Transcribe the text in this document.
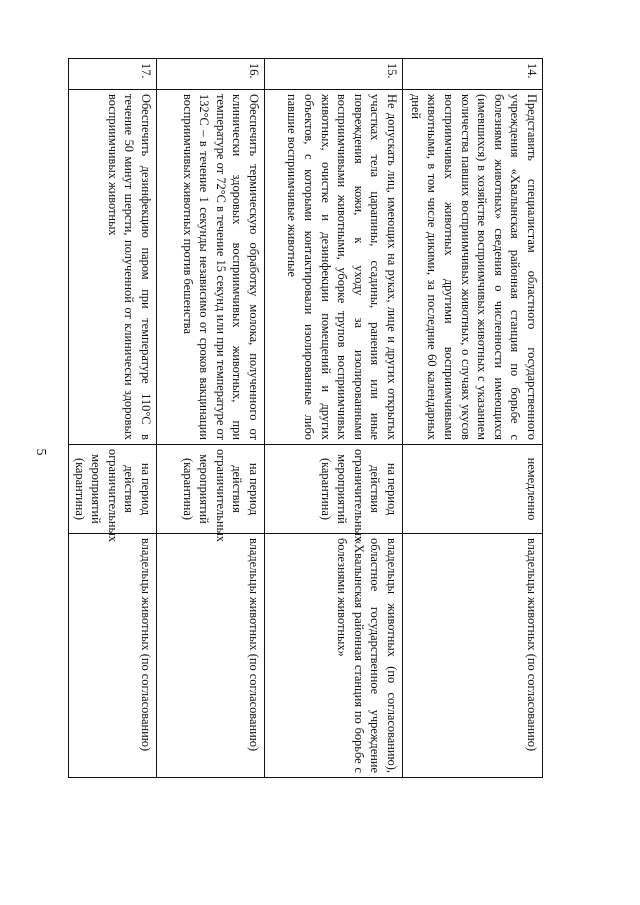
5
14.	Представить специалистам областного государственного учреждения «Хвалынская районная станция по борьбе с болезнями животных» сведения о численности имеющихся (имевшихся) в хозяйстве восприимчивых животных с указанием количества павших восприимчивых животных, о случаях укусов восприимчивых животных другими восприимчивыми животными, в том числе дикими, за последние 60 календарных дней	немедленно	владельцы животных (по согласованию)
15.	Не допускать лиц, имеющих на руках, лице и других открытых участках тела царапины, ссадины, ранения или иные повреждения кожи, к уходу за изолированными восприимчивыми животными, уборке трупов восприимчивых животных, очистке и дезинфекции помещений и других объектов, с которыми контактировали изолированные либо павшие восприимчивые животные	на период действия ограничительных мероприятий (карантина)	владельцы животных (по согласованию), областное государственное учреждение «Хвалынская районная станция по борьбе с болезнями животных»
16.	Обеспечить термическую обработку молока, полученного от клинически здоровых восприимчивых животных, при температуре от 72°С в течение 15 секунд или при температуре от 132°С – в течение 1 секунды независимо от сроков вакцинации восприимчивых животных против бешенства	на период действия ограничительных мероприятий (карантина)	владельцы животных (по согласованию)
17.	Обеспечить дезинфекцию паром при температуре 110°С в течение 50 минут шерсти, полученной от клинически здоровых восприимчивых животных	на период действия ограничительных мероприятий (карантина)	владельцы животных (по согласованию)
